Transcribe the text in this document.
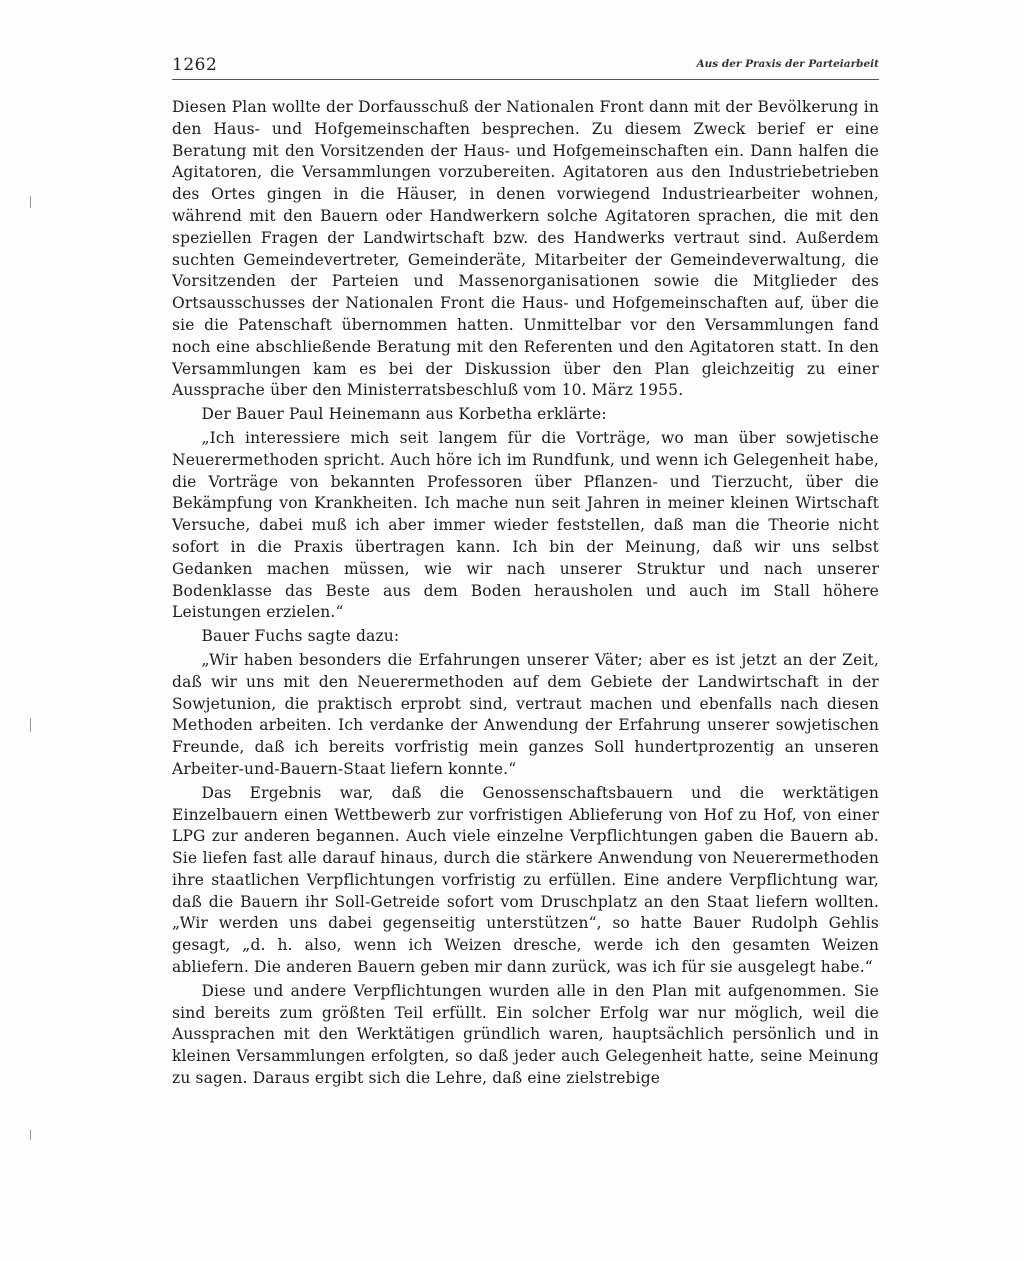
1262	Aus der Praxis der Parteiarbeit

Diesen Plan wollte der Dorfausschuß der Nationalen Front dann mit der Bevölkerung in den Haus- und Hofgemeinschaften besprechen. Zu diesem Zweck berief er eine Beratung mit den Vorsitzenden der Haus- und Hofgemeinschaften ein. Dann halfen die Agitatoren, die Versammlungen vorzubereiten. Agitatoren aus den Industriebetrieben des Ortes gingen in die Häuser, in denen vorwiegend Industriearbeiter wohnen, während mit den Bauern oder Handwerkern solche Agitatoren sprachen, die mit den speziellen Fragen der Landwirtschaft bzw. des Handwerks vertraut sind. Außerdem suchten Gemeindevertreter, Gemeinderäte, Mitarbeiter der Gemeindeverwaltung, die Vorsitzenden der Parteien und Massenorganisationen sowie die Mitglieder des Ortsausschusses der Nationalen Front die Haus- und Hofgemeinschaften auf, über die sie die Patenschaft übernommen hatten. Unmittelbar vor den Versammlungen fand noch eine abschließende Beratung mit den Referenten und den Agitatoren statt. In den Versammlungen kam es bei der Diskussion über den Plan gleichzeitig zu einer Aussprache über den Ministerratsbeschluß vom 10. März 1955.

Der Bauer Paul Heinemann aus Korbetha erklärte:

„Ich interessiere mich seit langem für die Vorträge, wo man über sowjetische Neuerermethoden spricht. Auch höre ich im Rundfunk, und wenn ich Gelegenheit habe, die Vorträge von bekannten Professoren über Pflanzen- und Tierzucht, über die Bekämpfung von Krankheiten. Ich mache nun seit Jahren in meiner kleinen Wirtschaft Versuche, dabei muß ich aber immer wieder feststellen, daß man die Theorie nicht sofort in die Praxis übertragen kann. Ich bin der Meinung, daß wir uns selbst Gedanken machen müssen, wie wir nach unserer Struktur und nach unserer Bodenklasse das Beste aus dem Boden herausholen und auch im Stall höhere Leistungen erzielen.“

Bauer Fuchs sagte dazu:

„Wir haben besonders die Erfahrungen unserer Väter; aber es ist jetzt an der Zeit, daß wir uns mit den Neuerermethoden auf dem Gebiete der Landwirtschaft in der Sowjetunion, die praktisch erprobt sind, vertraut machen und ebenfalls nach diesen Methoden arbeiten. Ich verdanke der Anwendung der Erfahrung unserer sowjetischen Freunde, daß ich bereits vorfristig mein ganzes Soll hundertprozentig an unseren Arbeiter-und-Bauern-Staat liefern konnte.“

Das Ergebnis war, daß die Genossenschaftsbauern und die werktätigen Einzelbauern einen Wettbewerb zur vorfristigen Ablieferung von Hof zu Hof, von einer LPG zur anderen begannen. Auch viele einzelne Verpflichtungen gaben die Bauern ab. Sie liefen fast alle darauf hinaus, durch die stärkere Anwendung von Neuerermethoden ihre staatlichen Verpflichtungen vorfristig zu erfüllen. Eine andere Verpflichtung war, daß die Bauern ihr Soll-Getreide sofort vom Druschplatz an den Staat liefern wollten. „Wir werden uns dabei gegenseitig unterstützen“, so hatte Bauer Rudolph Gehlis gesagt, „d. h. also, wenn ich Weizen dresche, werde ich den gesamten Weizen abliefern. Die anderen Bauern geben mir dann zurück, was ich für sie ausgelegt habe.“

Diese und andere Verpflichtungen wurden alle in den Plan mit aufgenommen. Sie sind bereits zum größten Teil erfüllt. Ein solcher Erfolg war nur möglich, weil die Aussprachen mit den Werktätigen gründlich waren, hauptsächlich persönlich und in kleinen Versammlungen erfolgten, so daß jeder auch Gelegenheit hatte, seine Meinung zu sagen. Daraus ergibt sich die Lehre, daß eine zielstrebige
